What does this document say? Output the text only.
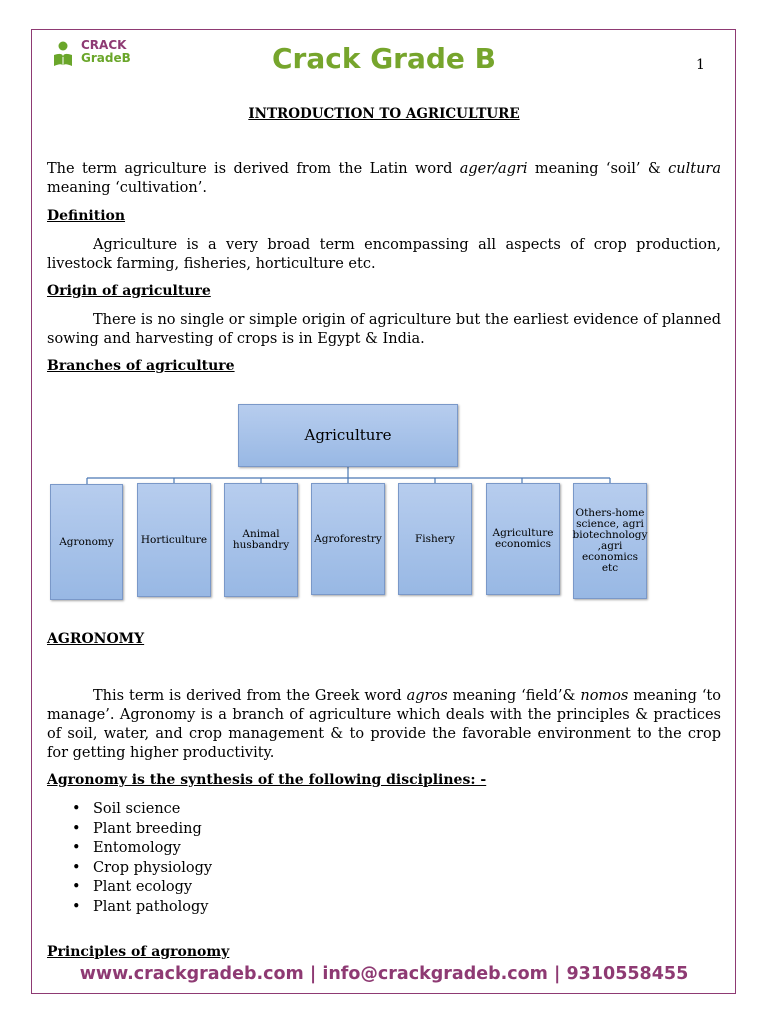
CRACK
GradeB	Crack Grade B	1
INTRODUCTION TO AGRICULTURE
The term agriculture is derived from the Latin word ager/agri meaning ‘soil’ & cultura meaning ‘cultivation’.
Definition
Agriculture is a very broad term encompassing all aspects of crop production, livestock farming, fisheries, horticulture etc.
Origin of agriculture
There is no single or simple origin of agriculture but the earliest evidence of planned sowing and harvesting of crops is in Egypt & India.
Branches of agriculture
Agriculture
Agronomy	Horticulture	Animal husbandry
Agroforestry	Fishery	Agriculture economics
Others-home science, agri biotechnology ,agri economics etc
AGRONOMY
This term is derived from the Greek word agros meaning ‘field’& nomos meaning ‘to manage’. Agronomy is a branch of agriculture which deals with the principles & practices of soil, water, and crop management & to provide the favorable environment to the crop for getting higher productivity.
Agronomy is the synthesis of the following disciplines: -
• Soil science
• Plant breeding
• Entomology
• Crop physiology
• Plant ecology
• Plant pathology
Principles of agronomy
www.crackgradeb.com | info@crackgradeb.com | 9310558455
